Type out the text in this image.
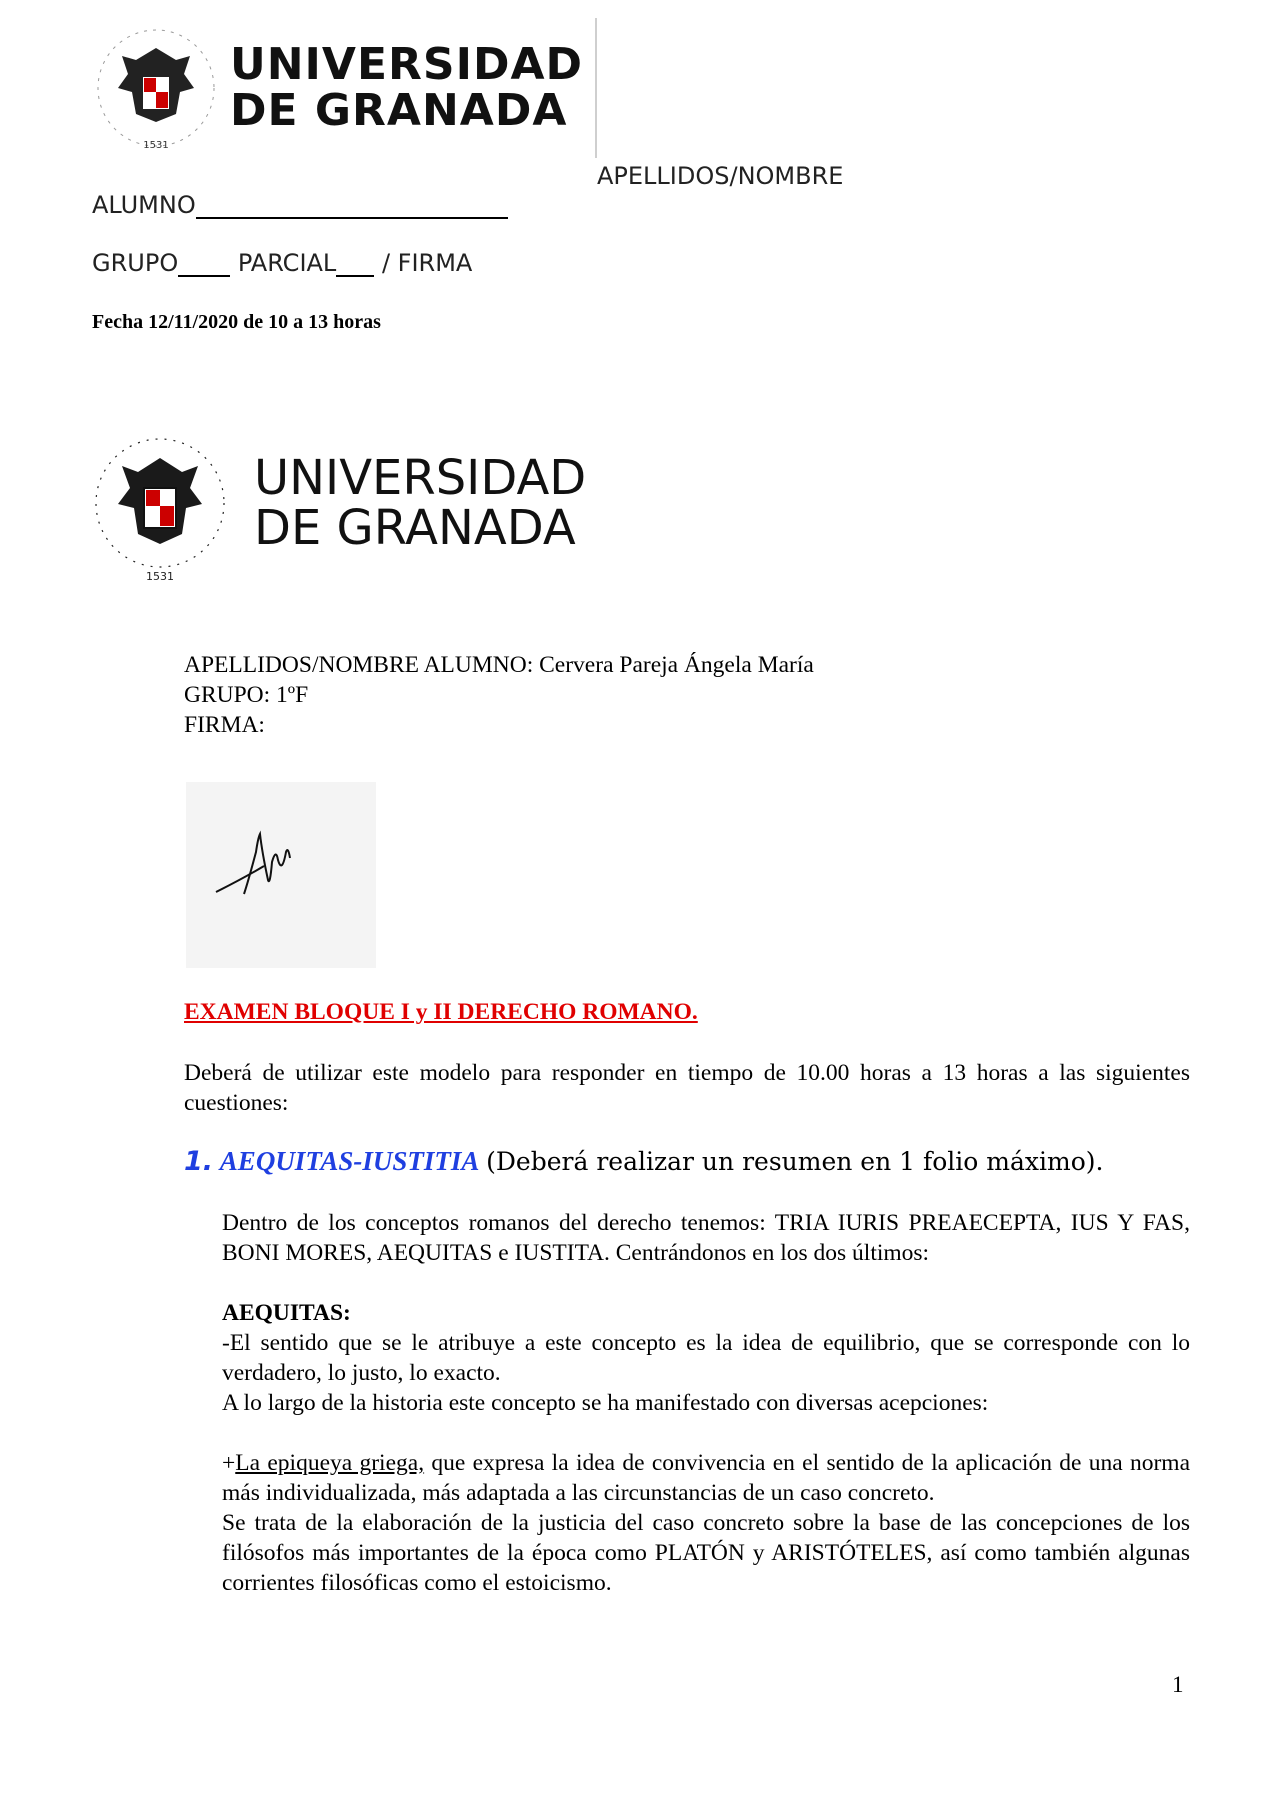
1531
UNIVERSIDAD
DE GRANADA
APELLIDOS/NOMBRE
ALUMNO
GRUPO PARCIAL / FIRMA
Fecha 12/11/2020 de 10 a 13 horas
1531
UNIVERSIDAD
DE GRANADA
APELLIDOS/NOMBRE ALUMNO: Cervera Pareja Ángela María
GRUPO: 1ºF
FIRMA:
EXAMEN BLOQUE I y II DERECHO ROMANO.
Deberá de utilizar este modelo para responder en tiempo de 10.00 horas a 13 horas a las siguientes cuestiones:
1. AEQUITAS-IUSTITIA (Deberá realizar un resumen en 1 folio máximo).
Dentro de los conceptos romanos del derecho tenemos: TRIA IURIS PREAECEPTA, IUS Y FAS, BONI MORES, AEQUITAS e IUSTITA. Centrándonos en los dos últimos:
AEQUITAS:
-El sentido que se le atribuye a este concepto es la idea de equilibrio, que se corresponde con lo verdadero, lo justo, lo exacto.
A lo largo de la historia este concepto se ha manifestado con diversas acepciones:
+La epiqueya griega, que expresa la idea de convivencia en el sentido de la aplicación de una norma más individualizada, más adaptada a las circunstancias de un caso concreto.
Se trata de la elaboración de la justicia del caso concreto sobre la base de las concepciones de los filósofos más importantes de la época como PLATÓN y ARISTÓTELES, así como también algunas corrientes filosóficas como el estoicismo.
1
